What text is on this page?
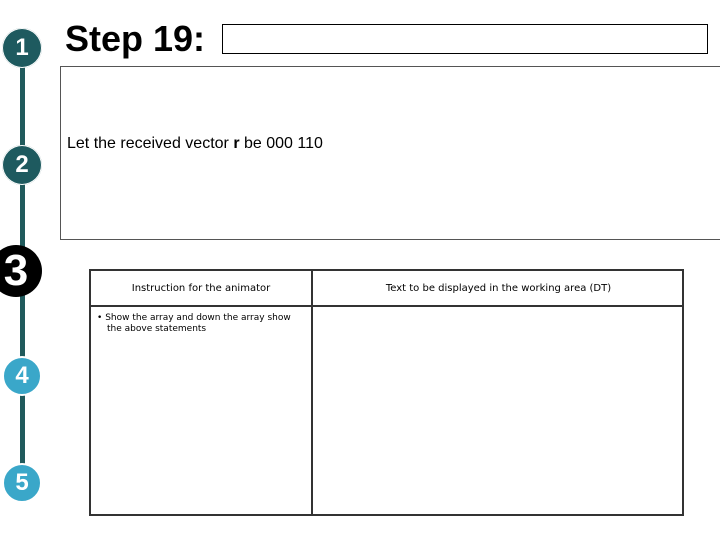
1
2
3
4
5
Step 19:
Let the received vector r be 000 110
Instruction for the animator	Text to be displayed in the working area (DT)
• Show the array and down the array show the above statements
